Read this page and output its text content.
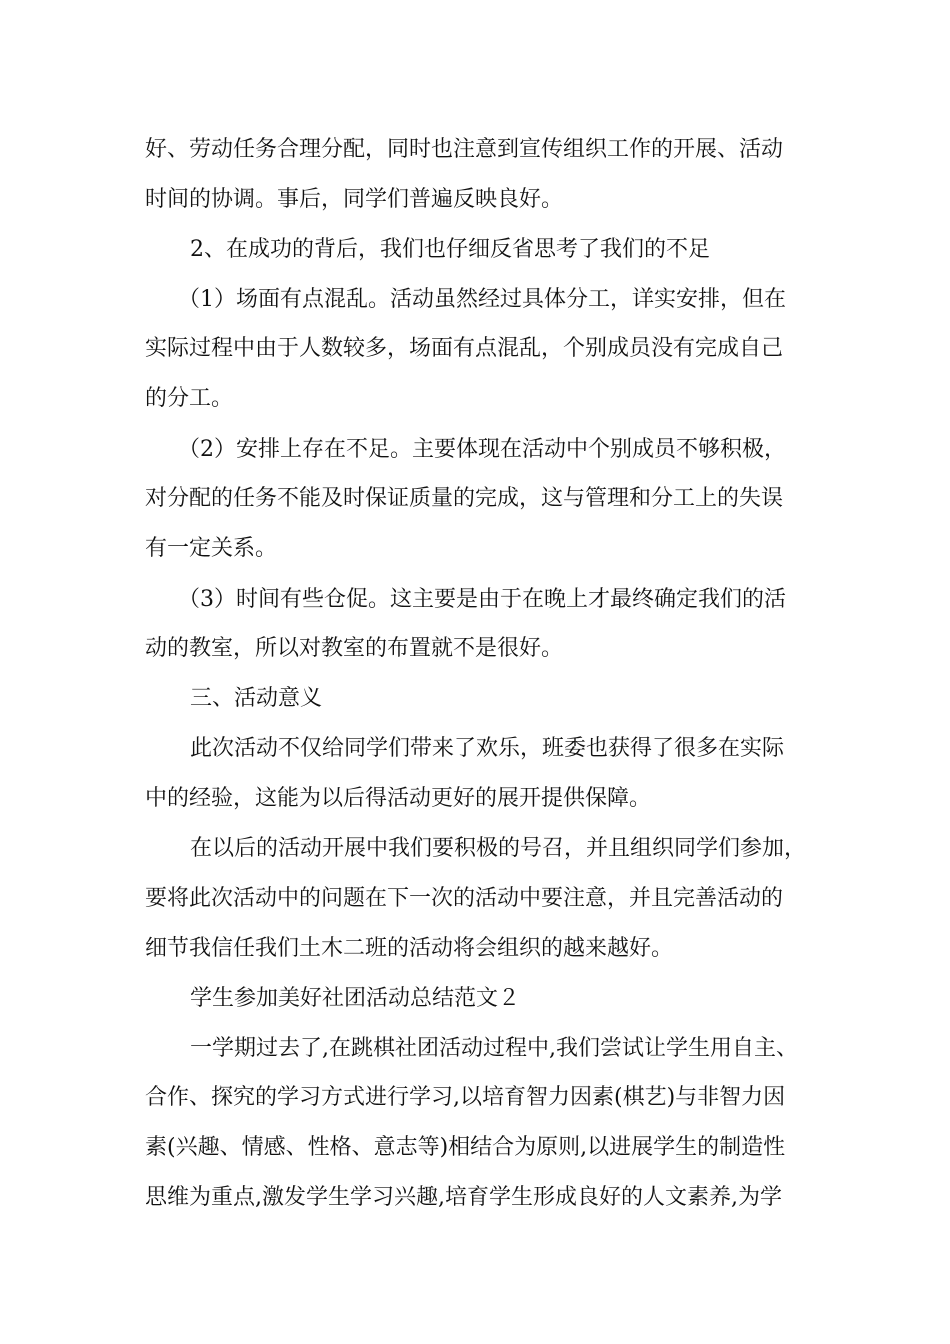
好、劳动任务合理分配，同时也注意到宣传组织工作的开展、活动

时间的协调。事后，同学们普遍反映良好。

2、在成功的背后，我们也仔细反省思考了我们的不足

（1）场面有点混乱。活动虽然经过具体分工，详实安排，但在

实际过程中由于人数较多，场面有点混乱，个别成员没有完成自己

的分工。

（2）安排上存在不足。主要体现在活动中个别成员不够积极，

对分配的任务不能及时保证质量的完成，这与管理和分工上的失误

有一定关系。

（3）时间有些仓促。这主要是由于在晚上才最终确定我们的活

动的教室，所以对教室的布置就不是很好。

三、活动意义

此次活动不仅给同学们带来了欢乐，班委也获得了很多在实际

中的经验，这能为以后得活动更好的展开提供保障。

在以后的活动开展中我们要积极的号召，并且组织同学们参加，

要将此次活动中的问题在下一次的活动中要注意，并且完善活动的

细节我信任我们土木二班的活动将会组织的越来越好。

学生参加美好社团活动总结范文２

一学期过去了,在跳棋社团活动过程中,我们尝试让学生用自主、

合作、探究的学习方式进行学习,以培育智力因素(棋艺)与非智力因

素(兴趣、情感、性格、意志等)相结合为原则,以进展学生的制造性

思维为重点,激发学生学习兴趣,培育学生形成良好的人文素养,为学
